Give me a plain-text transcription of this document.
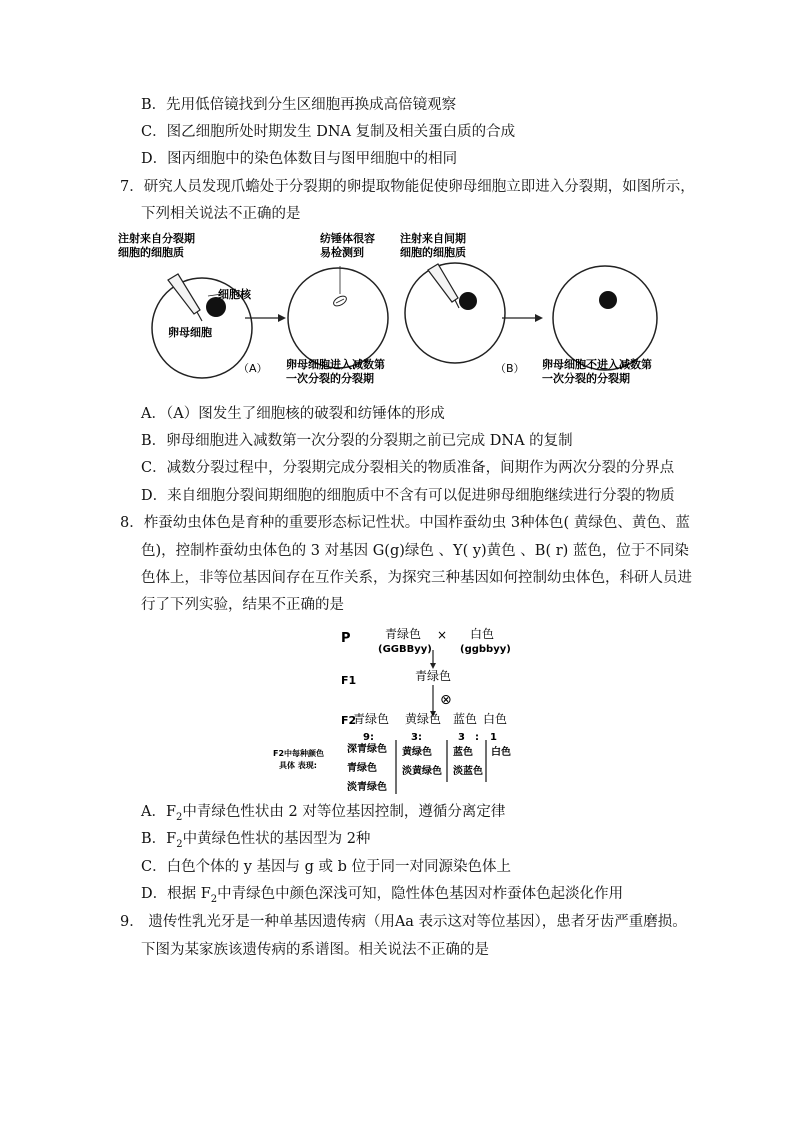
B．先用低倍镜找到分生区细胞再换成高倍镜观察
C．图乙细胞所处时期发生 DNA 复制及相关蛋白质的合成
D．图丙细胞中的染色体数目与图甲细胞中的相同
7．研究人员发现爪蟾处于分裂期的卵提取物能促使卵母细胞立即进入分裂期，如图所示，
下列相关说法不正确的是
注射来自分裂期
细胞的细胞质
细胞核
卵母细胞
纺锤体很容
易检测到
（A） 卵母细胞进入减数第
一次分裂的分裂期
注射来自间期
细胞的细胞质
（B） 卵母细胞不进入减数第
一次分裂的分裂期
A．（A）图发生了细胞核的破裂和纺锤体的形成
B．卵母细胞进入减数第一次分裂的分裂期之前已完成 DNA 的复制
C．减数分裂过程中，分裂期完成分裂相关的物质准备，间期作为两次分裂的分界点
D．来自细胞分裂间期细胞的细胞质中不含有可以促进卵母细胞继续进行分裂的物质
8．柞蚕幼虫体色是育种的重要形态标记性状。中国柞蚕幼虫 3种体色( 黄绿色、黄色、蓝
色)，控制柞蚕幼虫体色的 3 对基因 G(g)绿色 、Y( y)黄色 、B( r) 蓝色，位于不同染
色体上，非等位基因间存在互作关系，为探究三种基因如何控制幼虫体色，科研人员进
行了下列实验，结果不正确的是
P	青绿色
(GGBByy)
× 白色
(ggbbyy)
F1	青绿色
⊗
F2
青绿色 黄绿色 蓝色 白色
9:	3:	3 : 1
F2中每种颜色
具体 表现:
深青绿色
青绿色
淡青绿色
黄绿色
淡黄绿色
蓝色
淡蓝色
白色
A．$F_2$中青绿色性状由 2 对等位基因控制，遵循分离定律
B．$F_2$中黄绿色性状的基因型为 2种
C．白色个体的 y 基因与 g 或 b 位于同一对同源染色体上
D．根据 $F_2$中青绿色中颜色深浅可知，隐性体色基因对柞蚕体色起淡化作用
9． 遗传性乳光牙是一种单基因遗传病（用Aa 表示这对等位基因），患者牙齿严重磨损。
下图为某家族该遗传病的系谱图。相关说法不正确的是
